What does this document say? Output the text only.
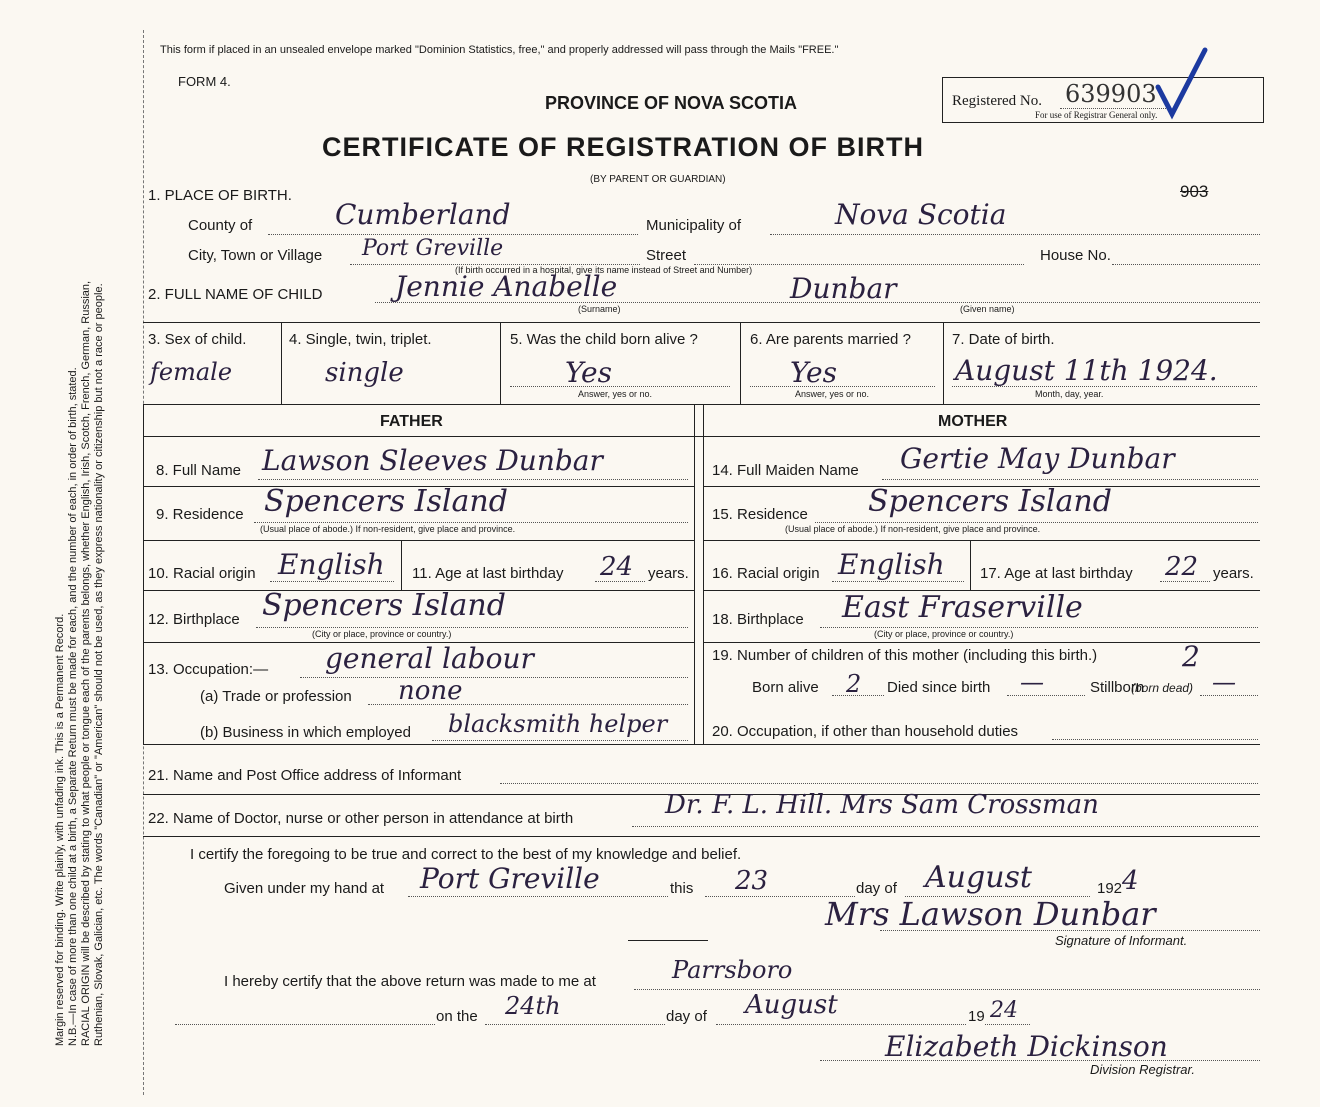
Margin reserved for binding. Write plainly, with unfading ink. This is a Permanent Record. N.B.—In case of more than one child at a birth, a Separate Return must be made for each, and the number of each, in order of birth, stated. RACIAL ORIGIN will be described by stating to what people or tongue each of the parents belongs, whether English, Irish, Scotch, French, German, Russian, Ruthenian, Slovak, Galician, etc. The words "Canadian" or "American" should not be used, as they express nationality or citizenship but not a race or people.
This form if placed in an unsealed envelope marked "Dominion Statistics, free," and properly addressed will pass through the Mails "FREE."
FORM 4.
PROVINCE OF NOVA SCOTIA
CERTIFICATE OF REGISTRATION OF BIRTH
(BY PARENT OR GUARDIAN)
Registered No. 639903
For use of Registrar General only.
903
1. PLACE OF BIRTH.
County of	Cumberland	Municipality of	Nova Scotia
City, Town or Village Port Greville	Street	House No.
(If birth occurred in a hospital, give its name instead of Street and Number)
2. FULL NAME OF CHILD	Jennie Anabelle	Dunbar
(Surname)	(Given name)
3. Sex of child.
female
4. Single, twin, triplet.
single
5. Was the child born alive ?
Yes
Answer, yes or no.
6. Are parents married ?
Yes
Answer, yes or no.
7. Date of birth.
August 11th 1924.
Month, day, year.
FATHER	MOTHER
8. Full Name Lawson Sleeves Dunbar
9. Residence Spencers Island
(Usual place of abode.) If non-resident, give place and province.
10. Racial origin English 11. Age at last birthday 24 years.
12. Birthplace Spencers Island
(City or place, province or country.)
13. Occupation:— general labour
(a) Trade or profession none
(b) Business in which employed blacksmith helper
14. Full Maiden Name Gertie May Dunbar
15. Residence Spencers Island
(Usual place of abode.) If non-resident, give place and province.
16. Racial origin English 17. Age at last birthday 22 years.
18. Birthplace East Fraserville
(City or place, province or country.)
19. Number of children of this mother (including this birth.)	2
Born alive 2 Died since birth —	Stillborn
(born dead) —
20. Occupation, if other than household duties
21. Name and Post Office address of Informant
22. Name of Doctor, nurse or other person in attendance at birth	Dr. F. L. Hill. Mrs Sam Crossman
I certify the foregoing to be true and correct to the best of my knowledge and belief.
Given under my hand at Port Greville	this 23	day of August	192 4
Mrs Lawson Dunbar
Signature of Informant.
I hereby certify that the above return was made to me at	Parrsboro
on the 24th	day of August	19 24
Elizabeth Dickinson
Division Registrar.
